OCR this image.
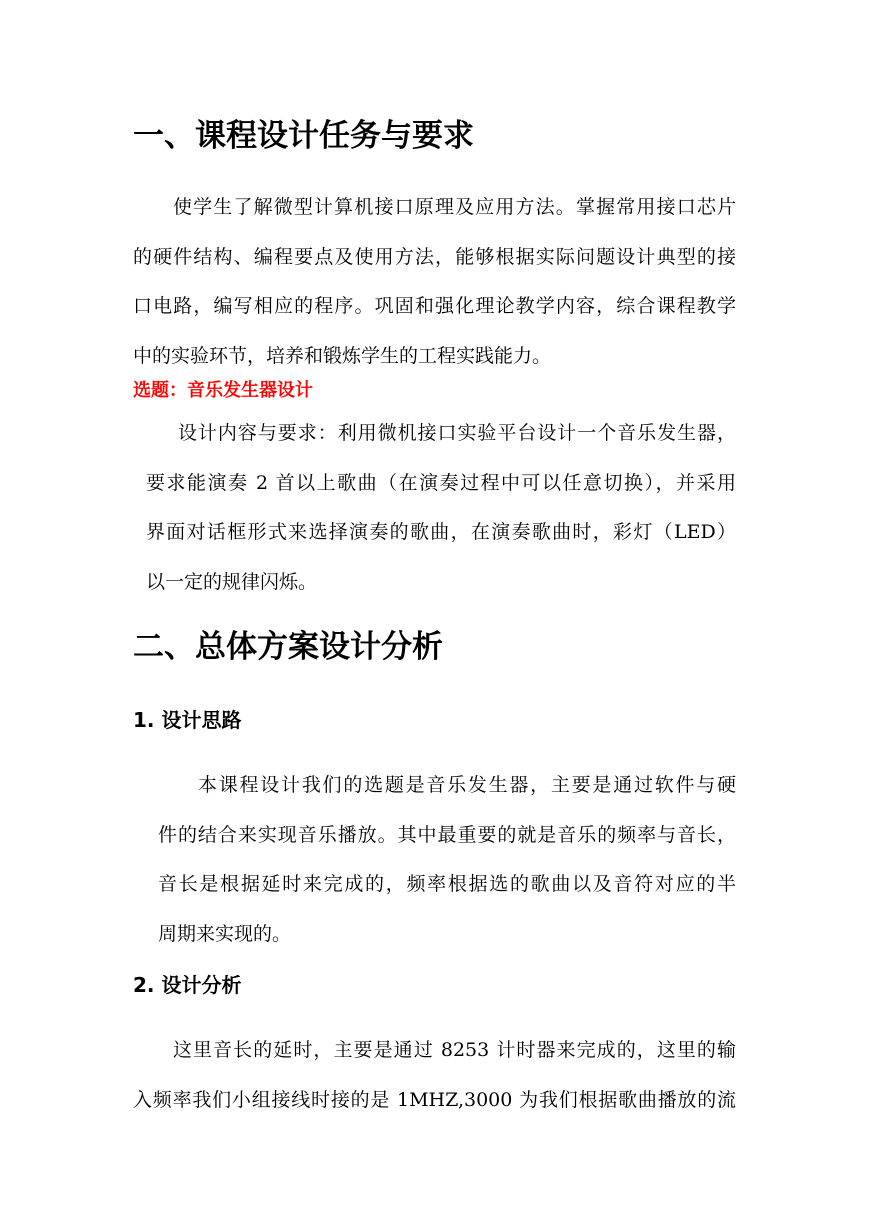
一、课程设计任务与要求
使学生了解微型计算机接口原理及应用方法。掌握常用接口芯片
的硬件结构、编程要点及使用方法，能够根据实际问题设计典型的接
口电路，编写相应的程序。巩固和强化理论教学内容，综合课程教学
中的实验环节，培养和锻炼学生的工程实践能力。
选题：音乐发生器设计
设计内容与要求：利用微机接口实验平台设计一个音乐发生器，
要求能演奏 2 首以上歌曲（在演奏过程中可以任意切换），并采用
界面对话框形式来选择演奏的歌曲，在演奏歌曲时，彩灯（LED）
以一定的规律闪烁。
二、总体方案设计分析
1. 设计思路
本课程设计我们的选题是音乐发生器，主要是通过软件与硬
件的结合来实现音乐播放。其中最重要的就是音乐的频率与音长，
音长是根据延时来完成的，频率根据选的歌曲以及音符对应的半
周期来实现的。
2. 设计分析
这里音长的延时，主要是通过 8253 计时器来完成的，这里的输
入频率我们小组接线时接的是 1MHZ,3000 为我们根据歌曲播放的流
